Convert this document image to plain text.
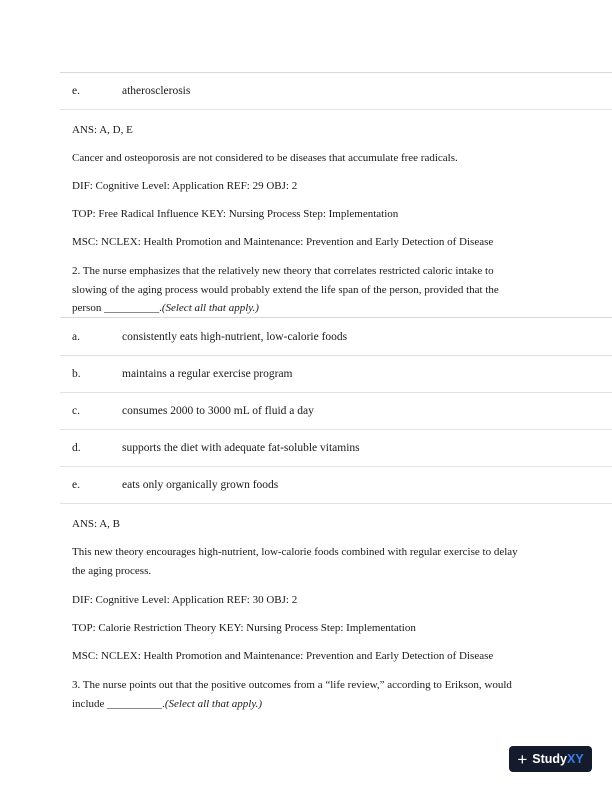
e.	atherosclerosis
ANS: A, D, E
Cancer and osteoporosis are not considered to be diseases that accumulate free radicals.
DIF: Cognitive Level: Application REF: 29 OBJ: 2
TOP: Free Radical Influence KEY: Nursing Process Step: Implementation
MSC: NCLEX: Health Promotion and Maintenance: Prevention and Early Detection of Disease
2. The nurse emphasizes that the relatively new theory that correlates restricted caloric intake to
slowing of the aging process would probably extend the life span of the person, provided that the
person __________.(Select all that apply.)
a.	consistently eats high-nutrient, low-calorie foods
b.	maintains a regular exercise program
c.	consumes 2000 to 3000 mL of fluid a day
d.	supports the diet with adequate fat-soluble vitamins
e.	eats only organically grown foods
ANS: A, B
This new theory encourages high-nutrient, low-calorie foods combined with regular exercise to delay
the aging process.
DIF: Cognitive Level: Application REF: 30 OBJ: 2
TOP: Calorie Restriction Theory KEY: Nursing Process Step: Implementation
MSC: NCLEX: Health Promotion and Maintenance: Prevention and Early Detection of Disease
3. The nurse points out that the positive outcomes from a “life review,” according to Erikson, would
include __________.(Select all that apply.)
+ StudyXY
